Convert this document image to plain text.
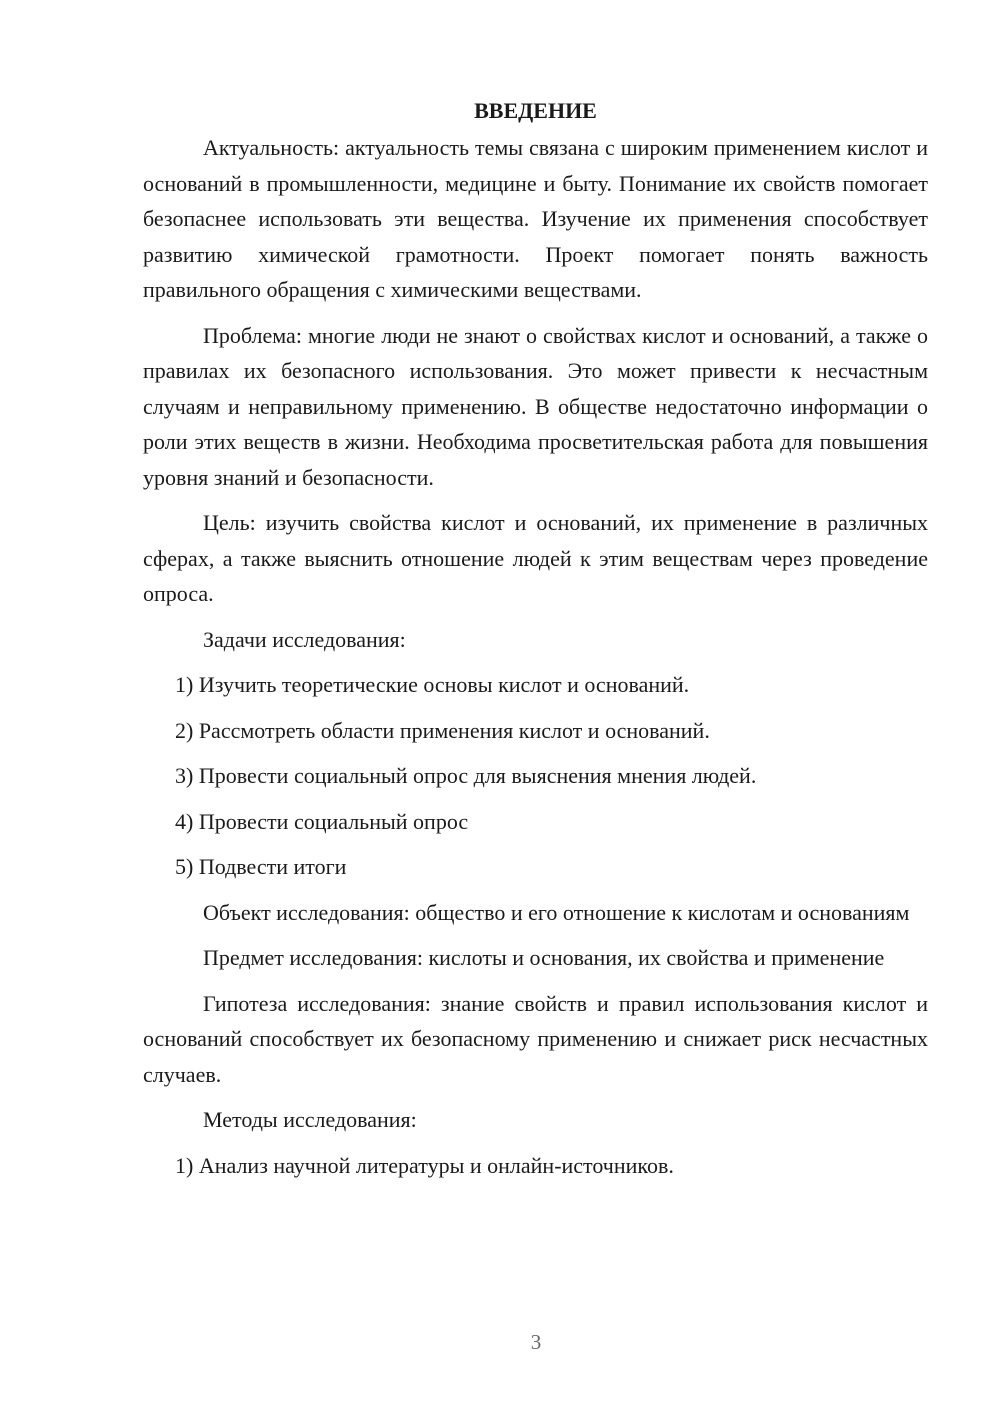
ВВЕДЕНИЕ

Актуальность: актуальность темы связана с широким применением кислот и оснований в промышленности, медицине и быту. Понимание их свойств помогает безопаснее использовать эти вещества. Изучение их применения способствует развитию химической грамотности. Проект помогает понять важность правильного обращения с химическими веществами.

Проблема: многие люди не знают о свойствах кислот и оснований, а также о правилах их безопасного использования. Это может привести к несчастным случаям и неправильному применению. В обществе недостаточно информации о роли этих веществ в жизни. Необходима просветительская работа для повышения уровня знаний и безопасности.

Цель: изучить свойства кислот и оснований, их применение в различных сферах, а также выяснить отношение людей к этим веществам через проведение опроса.

Задачи исследования:

1) Изучить теоретические основы кислот и оснований.

2) Рассмотреть области применения кислот и оснований.

3) Провести социальный опрос для выяснения мнения людей.

4) Провести социальный опрос

5) Подвести итоги

Объект исследования: общество и его отношение к кислотам и основаниям

Предмет исследования: кислоты и основания, их свойства и применение

Гипотеза исследования: знание свойств и правил использования кислот и оснований способствует их безопасному применению и снижает риск несчастных случаев.

Методы исследования:

1) Анализ научной литературы и онлайн-источников.

3
